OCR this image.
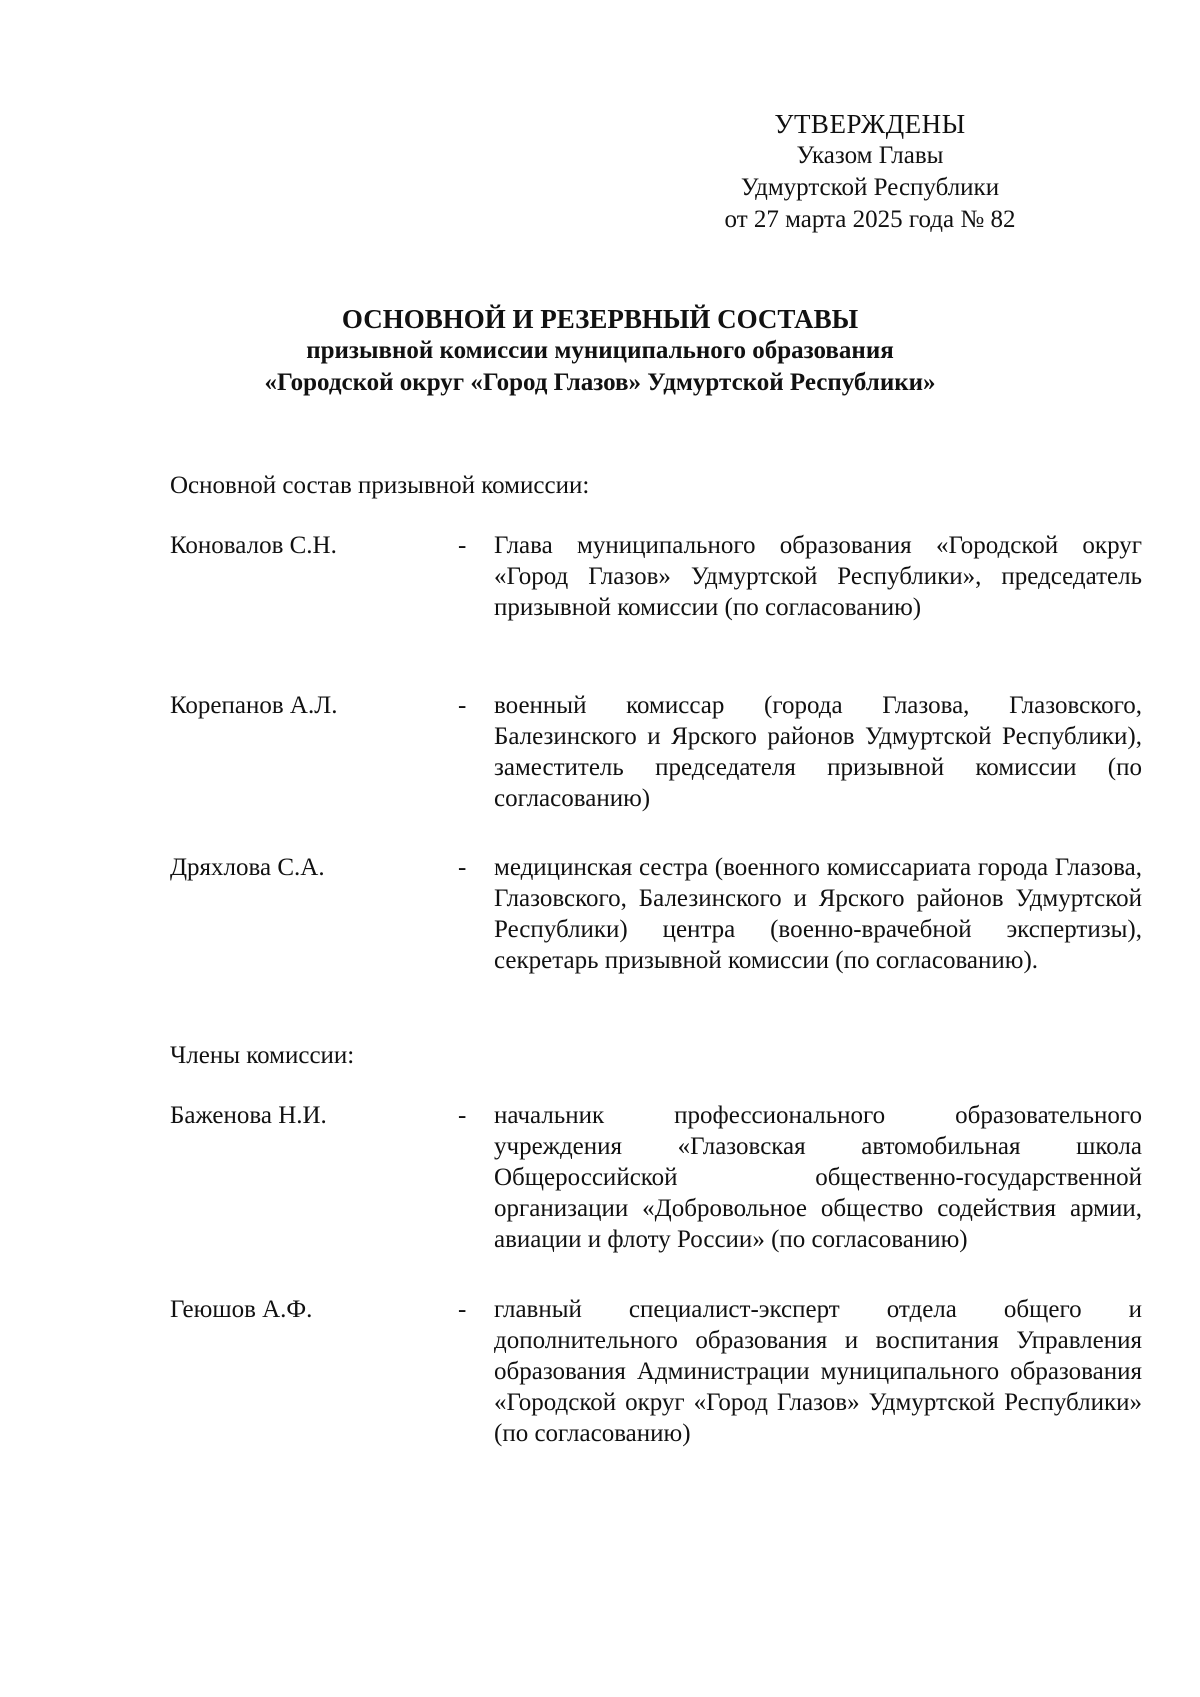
УТВЕРЖДЕНЫ
Указом Главы
Удмуртской Республики
от 27 марта 2025 года № 82
ОСНОВНОЙ И РЕЗЕРВНЫЙ СОСТАВЫ
призывной комиссии муниципального образования
«Городской округ «Город Глазов» Удмуртской Республики»
Основной состав призывной комиссии:
Коновалов С.Н.	- Глава муниципального образования «Городской округ «Город Глазов» Удмуртской Республики», председатель призывной комиссии (по согласованию)
Корепанов А.Л.	- военный комиссар (города Глазова, Глазовского, Балезинского и Ярского районов Удмуртской Республики), заместитель председателя призывной комиссии (по согласованию)
Дряхлова С.А.	- медицинская сестра (военного комиссариата города Глазова, Глазовского, Балезинского и Ярского районов Удмуртской Республики) центра (военно-врачебной экспертизы), секретарь призывной комиссии (по согласованию).
Члены комиссии:
Баженова Н.И.	- начальник профессионального образовательного учреждения «Глазовская автомобильная школа Общероссийской общественно-государственной организации «Добровольное общество содействия армии, авиации и флоту России» (по согласованию)
Геюшов А.Ф.	- главный специалист-эксперт отдела общего и дополнительного образования и воспитания Управления образования Администрации муниципального образования «Городской округ «Город Глазов» Удмуртской Республики» (по согласованию)
